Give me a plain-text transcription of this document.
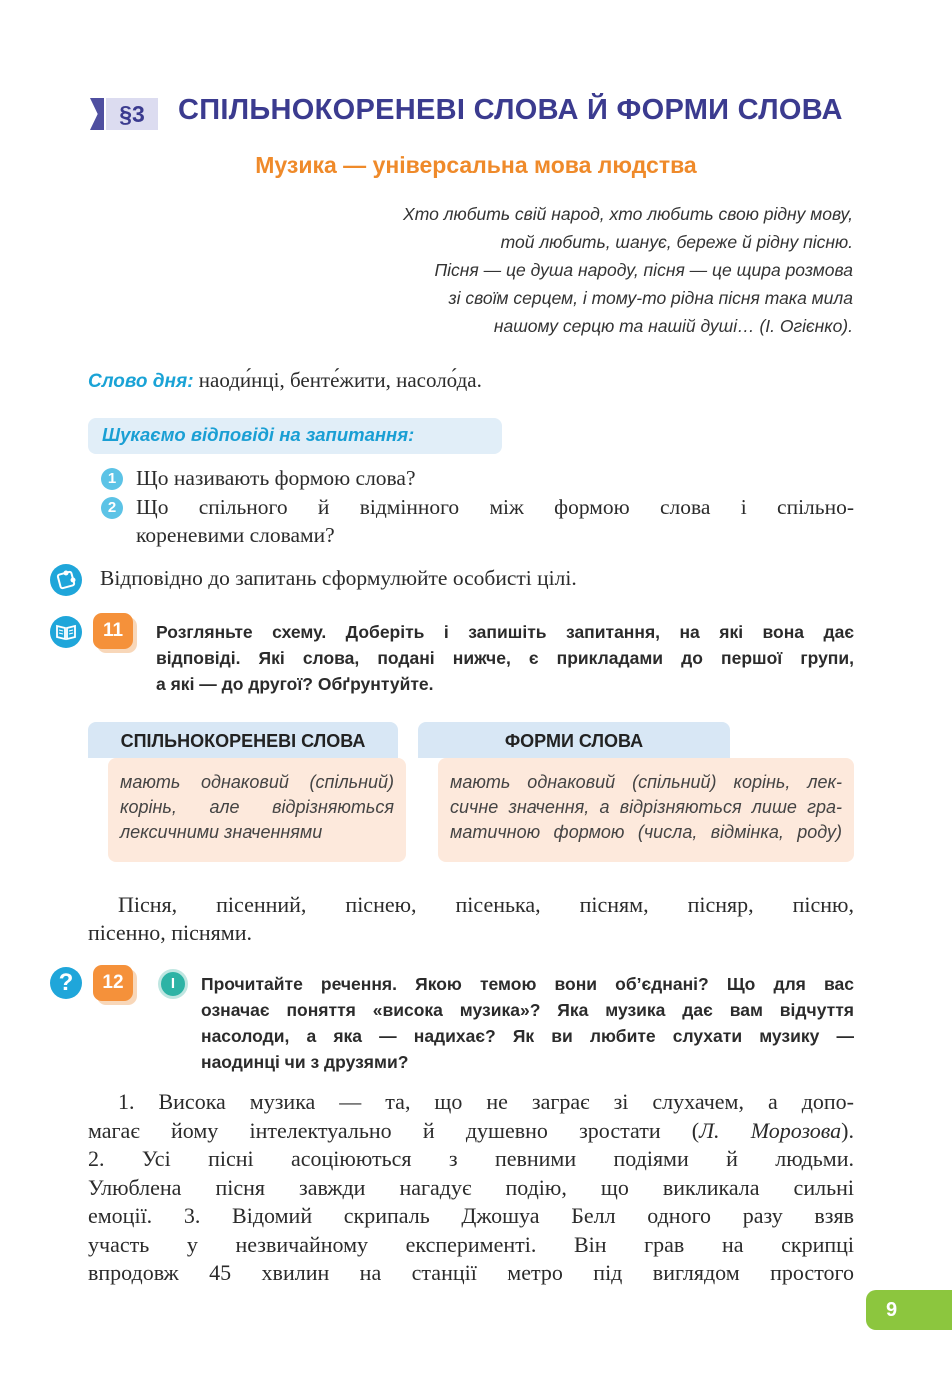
§3	СПІЛЬНОКОРЕНЕВІ СЛОВА Й ФОРМИ СЛОВА
Музика — універсальна мова людства
Хто любить свій народ, хто любить свою рідну мову,
той любить, шанує, береже й рідну пісню.
Пісня — це душа народу, пісня — це щира розмова
зі своїм серцем, і тому-то рідна пісня така мила
нашому серцю та нашій душі… (І. Огієнко).
Слово дня: наоди́нці, бенте́жити, насоло́да.
Шукаємо відповіді на запитання:
1 Що називають формою слова?
2 Що спільного й відмінного між формою слова і спільно-
кореневими словами?
Відповідно до запитань сформулюйте особисті цілі.
11	Розгляньте схему. Доберіть і запишіть запитання, на які вона дає
відповіді. Які слова, подані нижче, є прикладами до першої групи,
а які — до другої? Обґрунтуйте.
СПІЛЬНОКОРЕНЕВІ СЛОВА
мають однаковий (спільний)
корінь, але відрізняються
лексичними значеннями
ФОРМИ СЛОВА
мають однаковий (спільний) корінь, лек-
сичне значення, а відрізняються лише гра-
матичною формою (числа, відмінка, роду)
Пісня, пісенний, піснею, пісенька, пісням, пісняр, пісню,
пісенно, піснями.
?	12	I	Прочитайте речення. Якою темою вони об’єднані? Що для вас
означає поняття «висока музика»? Яка музика дає вам відчуття
насолоди, а яка — надихає? Як ви любите слухати музику —
наодинці чи з друзями?
1. Висока музика — та, що не заграє зі слухачем, а допо-
магає йому інтелектуально й душевно зростати (Л. Морозова).
2. Усі пісні асоціюються з певними подіями й людьми.
Улюблена пісня завжди нагадує подію, що викликала сильні
емоції. 3. Відомий скрипаль Джошуа Белл одного разу взяв
участь у незвичайному експерименті. Він грав на скрипці
впродовж 45 хвилин на станції метро під виглядом простого
9
